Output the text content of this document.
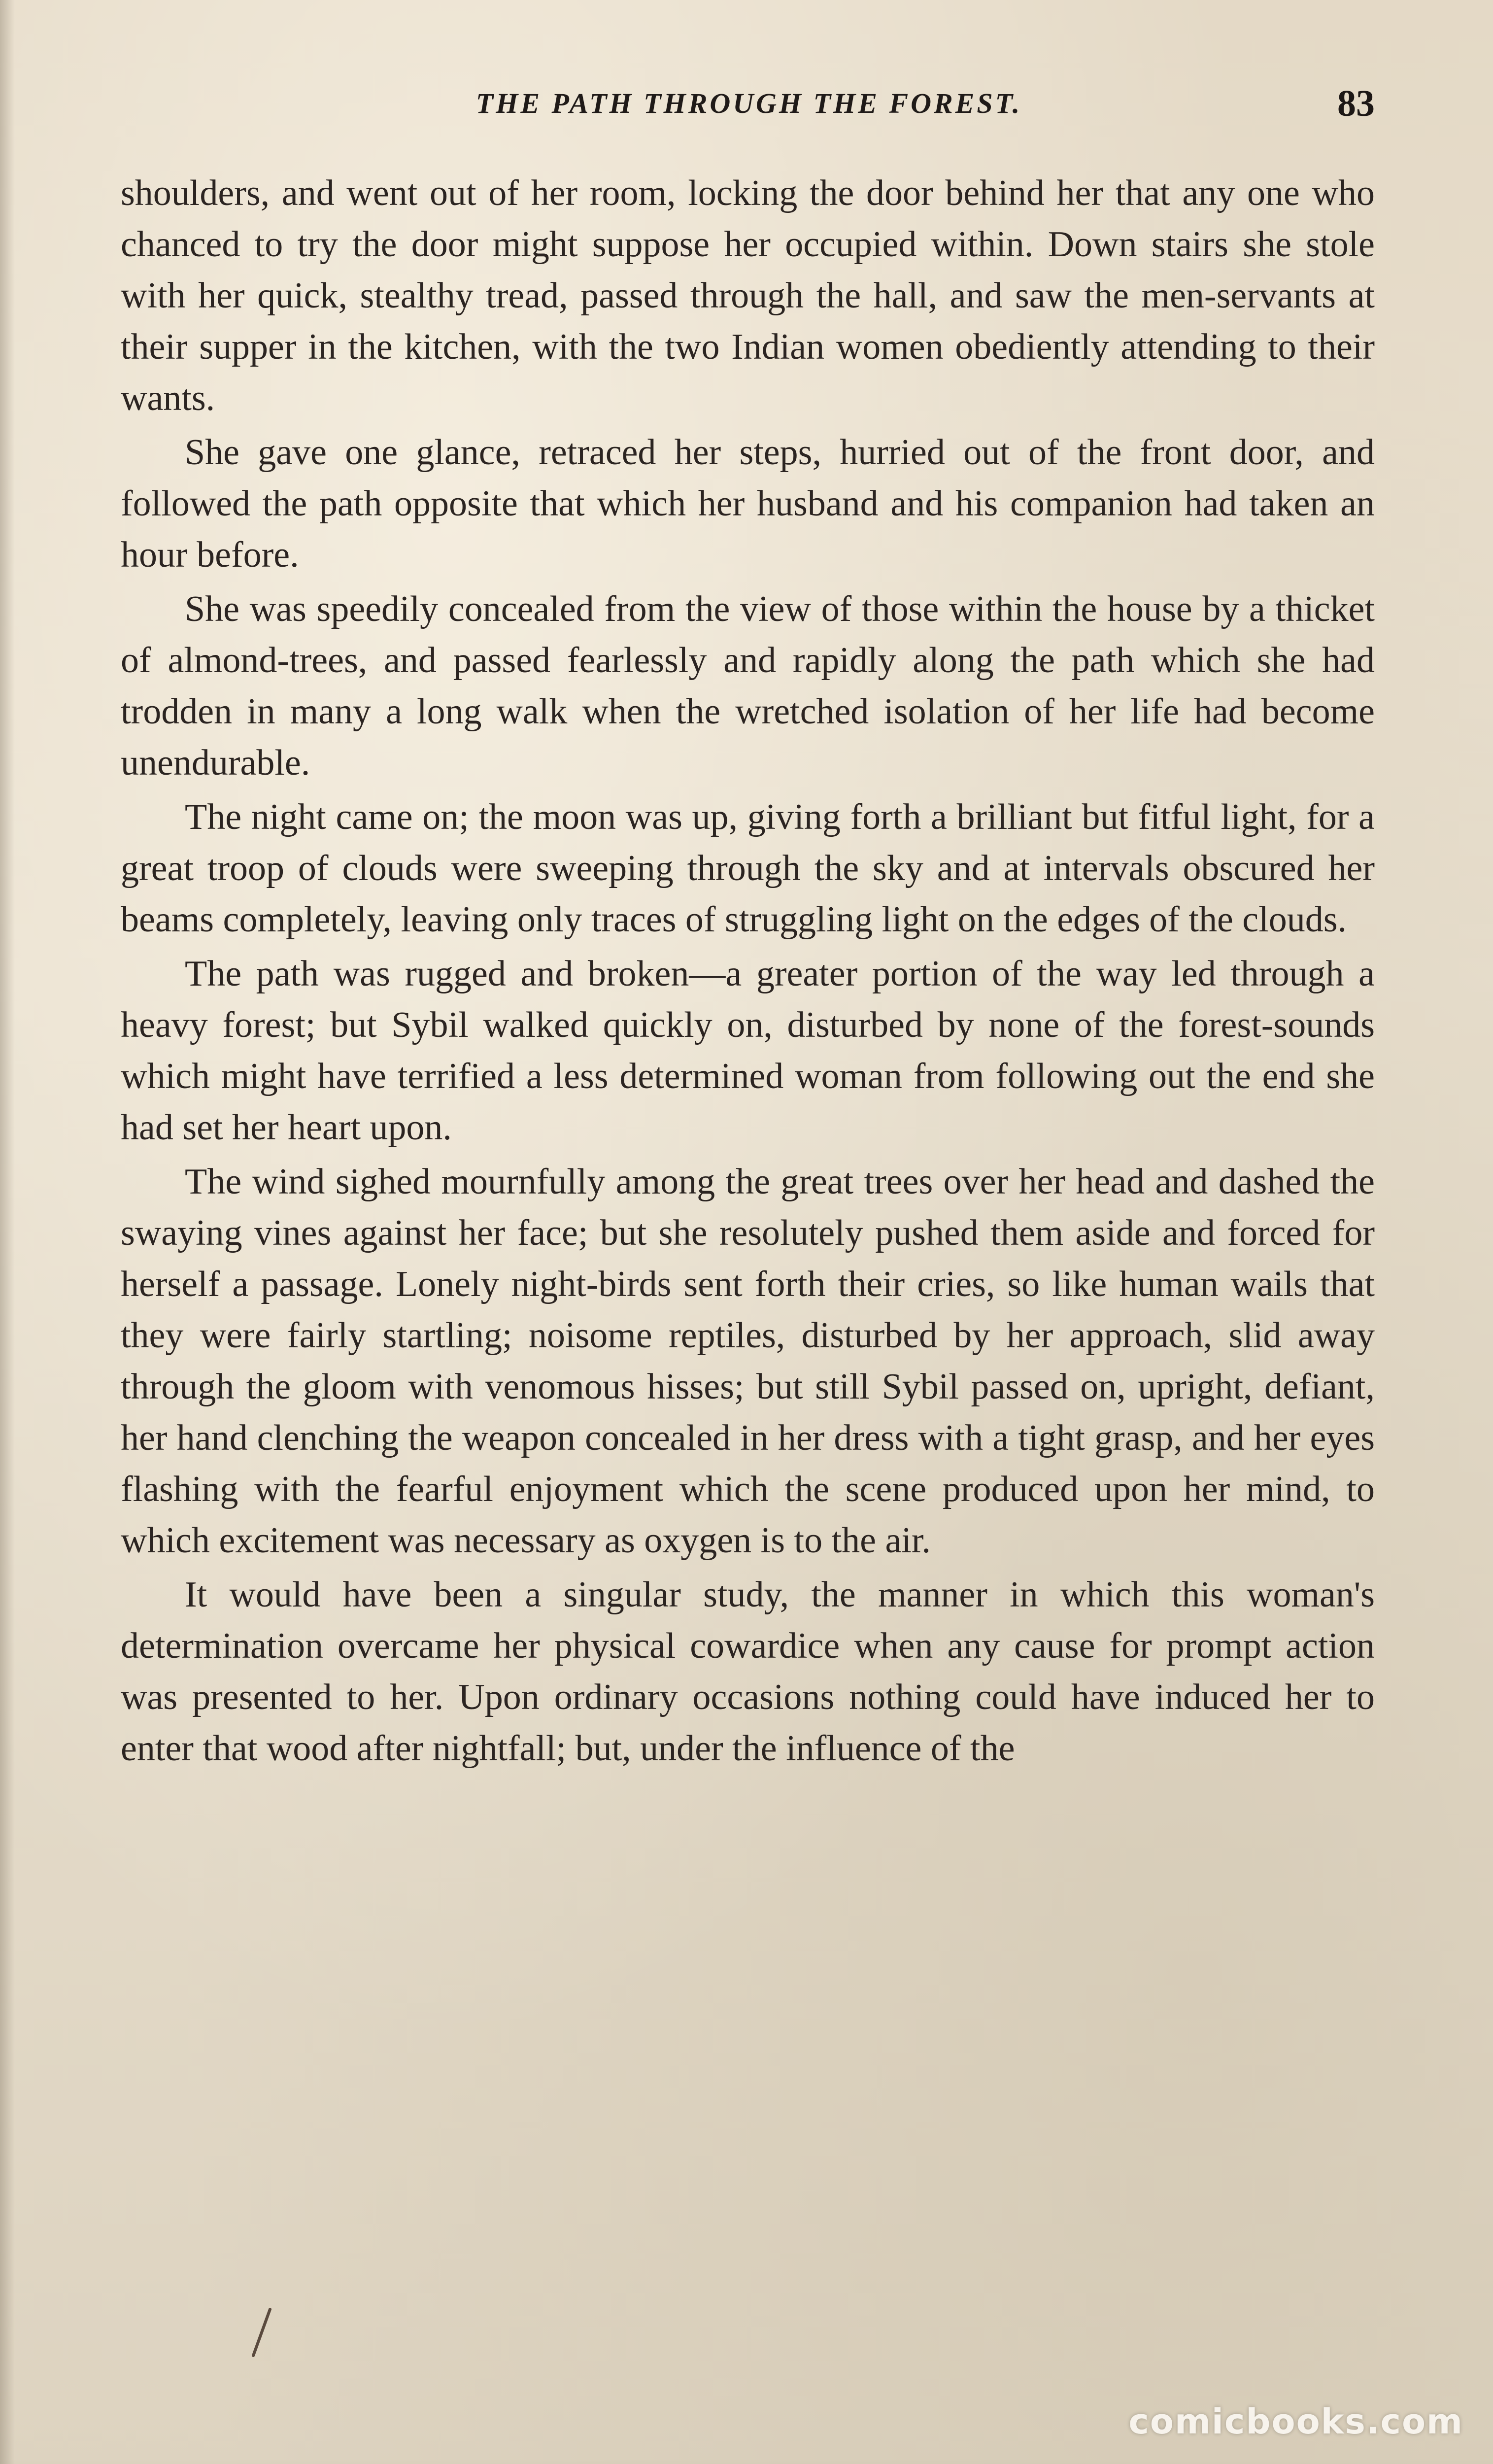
THE PATH THROUGH THE FOREST.	83

shoulders, and went out of her room, locking the door behind her that any one who chanced to try the door might suppose her occupied within. Down stairs she stole with her quick, stealthy tread, passed through the hall, and saw the men-servants at their supper in the kitchen, with the two Indian women obediently attending to their wants.

She gave one glance, retraced her steps, hurried out of the front door, and followed the path opposite that which her husband and his companion had taken an hour before.

She was speedily concealed from the view of those within the house by a thicket of almond-trees, and passed fearlessly and rapidly along the path which she had trodden in many a long walk when the wretched isolation of her life had become unendurable.

The night came on; the moon was up, giving forth a brilliant but fitful light, for a great troop of clouds were sweeping through the sky and at intervals obscured her beams completely, leaving only traces of struggling light on the edges of the clouds.

The path was rugged and broken—a greater portion of the way led through a heavy forest; but Sybil walked quickly on, disturbed by none of the forest-sounds which might have terrified a less determined woman from following out the end she had set her heart upon.

The wind sighed mournfully among the great trees over her head and dashed the swaying vines against her face; but she resolutely pushed them aside and forced for herself a passage. Lonely night-birds sent forth their cries, so like human wails that they were fairly startling; noisome reptiles, disturbed by her approach, slid away through the gloom with venomous hisses; but still Sybil passed on, upright, defiant, her hand clenching the weapon concealed in her dress with a tight grasp, and her eyes flashing with the fearful enjoyment which the scene produced upon her mind, to which excitement was necessary as oxygen is to the air.

It would have been a singular study, the manner in which this woman's determination overcame her physical cowardice when any cause for prompt action was presented to her. Upon ordinary occasions nothing could have induced her to enter that wood after nightfall; but, under the influence of the

comicbooks.com
